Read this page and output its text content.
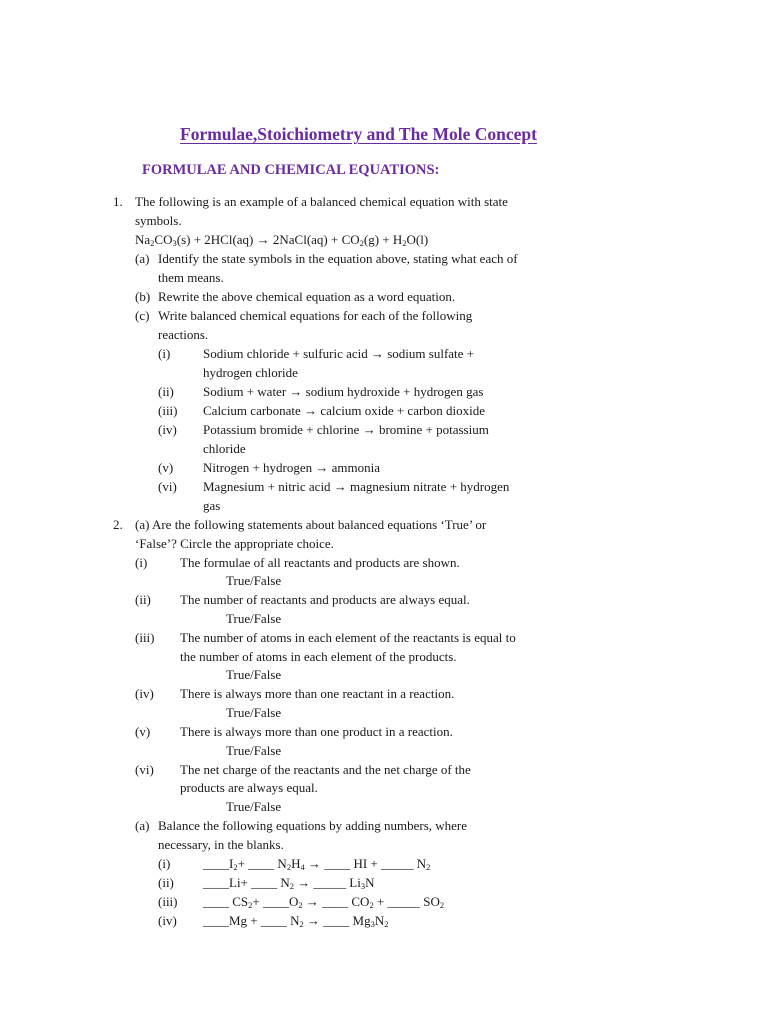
Formulae,Stoichiometry and The Mole Concept
FORMULAE AND CHEMICAL EQUATIONS:
1. The following is an example of a balanced chemical equation with state
symbols.
$Na_2CO_3(s) + 2HCl(aq)$ → 2NaCl(aq) + $CO_2(g) + H_2O(l)$
(a) Identify the state symbols in the equation above, stating what each of
them means.
(b) Rewrite the above chemical equation as a word equation.
(c) Write balanced chemical equations for each of the following
reactions.
(i)	Sodium chloride + sulfuric acid → sodium sulfate +
hydrogen chloride
(ii) Sodium + water → sodium hydroxide + hydrogen gas
(iii) Calcium carbonate → calcium oxide + carbon dioxide
(iv) Potassium bromide + chlorine → bromine + potassium
chloride
(v) Nitrogen + hydrogen → ammonia
(vi) Magnesium + nitric acid → magnesium nitrate + hydrogen
gas
2. (a) Are the following statements about balanced equations ‘True’ or
‘False’? Circle the appropriate choice.
(i)	The formulae of all reactants and products are shown.
True/False
(ii) The number of reactants and products are always equal.
True/False
(iii) The number of atoms in each element of the reactants is equal to
the number of atoms in each element of the products.
True/False
(iv) There is always more than one reactant in a reaction.
True/False
(v) There is always more than one product in a reaction.
True/False
(vi) The net charge of the reactants and the net charge of the
products are always equal.
True/False
(a) Balance the following equations by adding numbers, where
necessary, in the blanks.
(i)	$\_\_\_\_I_2+$ ____ $N_2H_4$ → ____ HI + _____ $N_2$
(ii) ____Li+ ____ $N_2$ → _____ $Li_3N$
(iii) ____ $CS_2+$ $\_\_\_\_O_2$ → ____ $CO_2$ + _____ $SO_2$
(iv) ____Mg + ____ $N_2$ → ____ $Mg_3N_2$
